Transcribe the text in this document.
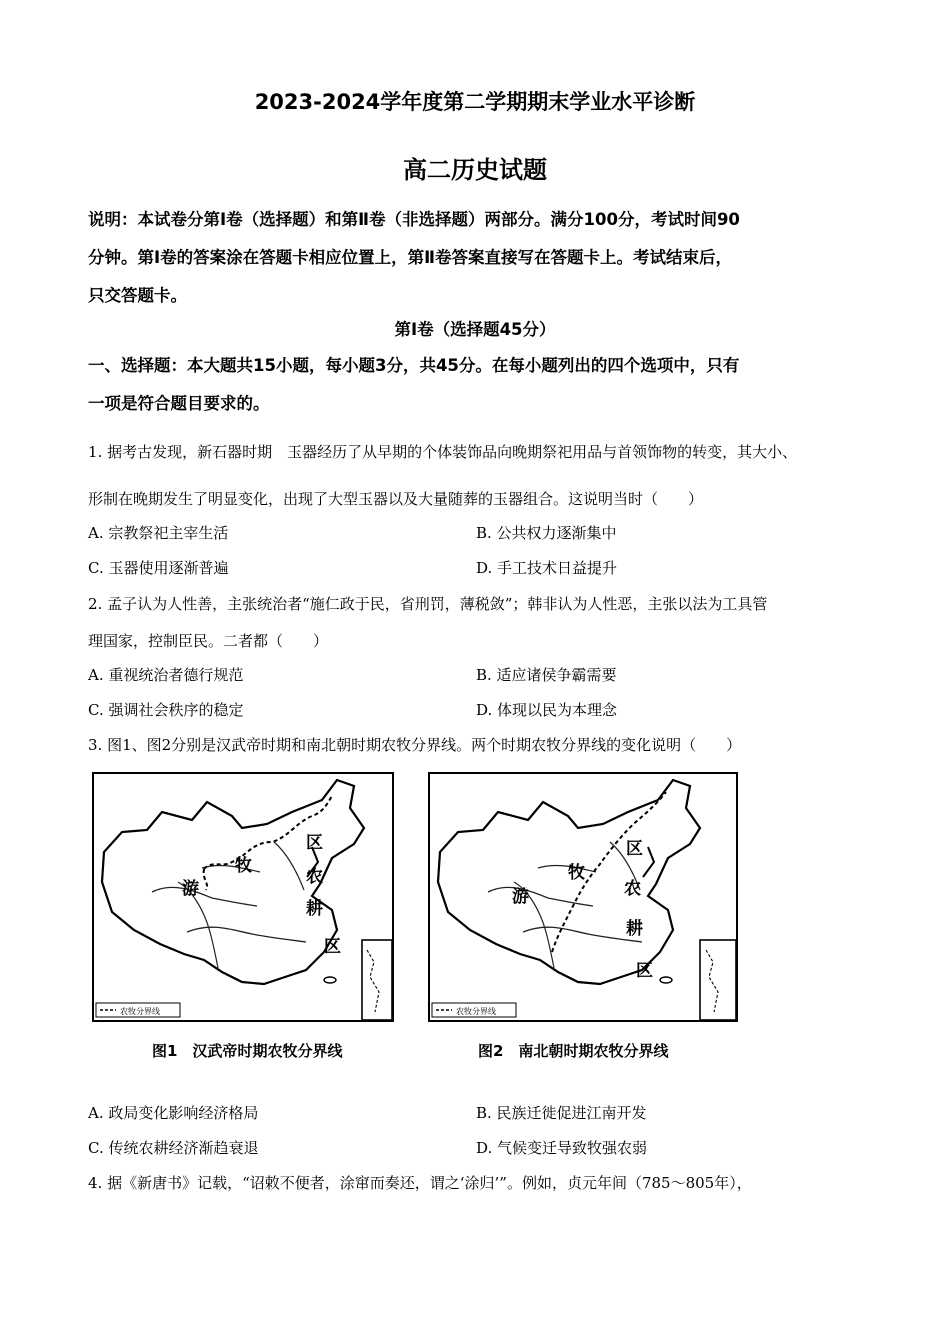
2023-2024学年度第二学期期末学业水平诊断
高二历史试题
说明：本试卷分第Ⅰ卷（选择题）和第Ⅱ卷（非选择题）两部分。满分100分，考试时间90
分钟。第Ⅰ卷的答案涂在答题卡相应位置上，第Ⅱ卷答案直接写在答题卡上。考试结束后，
只交答题卡。
第Ⅰ卷（选择题45分）
一、选择题：本大题共15小题，每小题3分，共45分。在每小题列出的四个选项中，只有
一项是符合题目要求的。
1. 据考古发现，新石器时期　玉器经历了从早期的个体装饰品向晚期祭祀用品与首领饰物的转变，其大小、
形制在晚期发生了明显变化，出现了大型玉器以及大量随葬的玉器组合。这说明当时（　　）
A. 宗教祭祀主宰生活	B. 公共权力逐渐集中
C. 玉器使用逐渐普遍	D. 手工技术日益提升
2. 孟子认为人性善，主张统治者“施仁政于民，省刑罚，薄税敛”；韩非认为人性恶，主张以法为工具管
理国家，控制臣民。二者都（　　）
A. 重视统治者德行规范	B. 适应诸侯争霸需要
C. 强调社会秩序的稳定	D. 体现以民为本理念
3. 图1、图2分别是汉武帝时期和南北朝时期农牧分界线。两个时期农牧分界线的变化说明（　　）
牧
区
游
农
耕
区
农牧分界线
牧
区
游	农
耕
区
农牧分界线
图1　汉武帝时期农牧分界线	图2　南北朝时期农牧分界线
A. 政局变化影响经济格局	B. 民族迁徙促进江南开发
C. 传统农耕经济渐趋衰退	D. 气候变迁导致牧强农弱
4. 据《新唐书》记载，“诏敕不便者，涂窜而奏还，谓之‘涂归’”。例如，贞元年间（785～805年），
